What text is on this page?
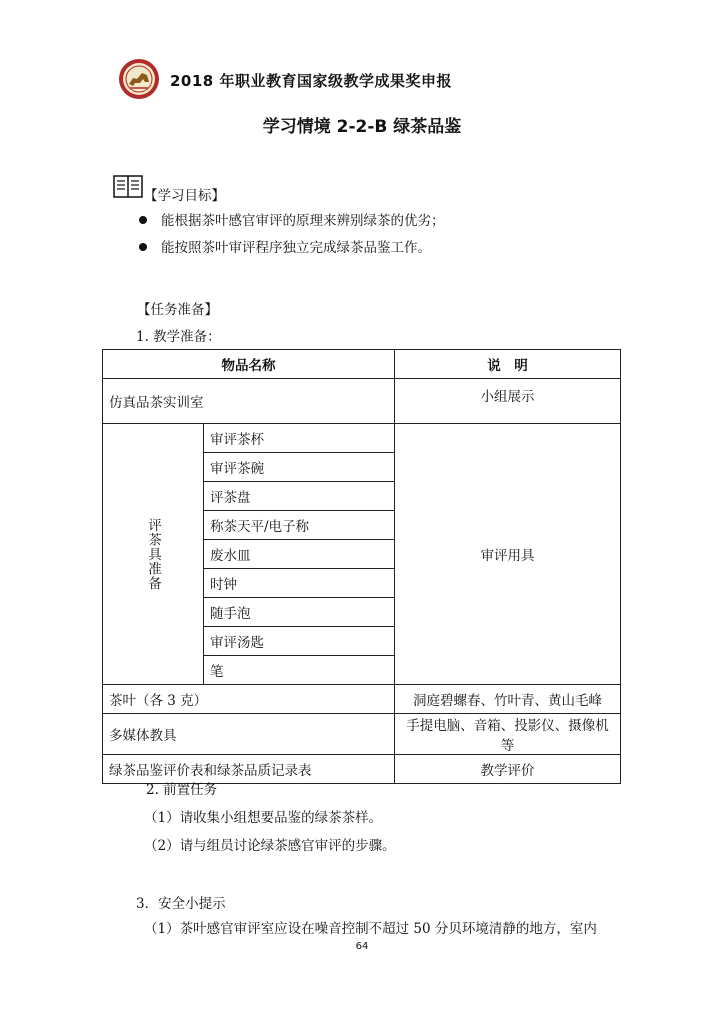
2018 年职业教育国家级教学成果奖申报
学习情境 2-2-B 绿茶品鉴
【学习目标】
能根据茶叶感官审评的原理来辨别绿茶的优劣；
能按照茶叶审评程序独立完成绿茶品鉴工作。
【任务准备】
1. 教学准备：
物品名称		说　明
仿真品茶实训室		小组展示
评茶具准备	审评茶杯	审评用具
	审评茶碗	
	评茶盘	
	称茶天平/电子称	
	废水皿	
	时钟	
	随手泡	
	审评汤匙	
	笔	
茶叶（各 3 克）		洞庭碧螺春、竹叶青、黄山毛峰
多媒体教具		手提电脑、音箱、投影仪、摄像机等
绿茶品鉴评价表和绿茶品质记录表		教学评价
2. 前置任务
（1）请收集小组想要品鉴的绿茶茶样。
（2）请与组员讨论绿茶感官审评的步骤。
3．安全小提示
（1）茶叶感官审评室应设在噪音控制不超过 50 分贝环境清静的地方，室内
64
